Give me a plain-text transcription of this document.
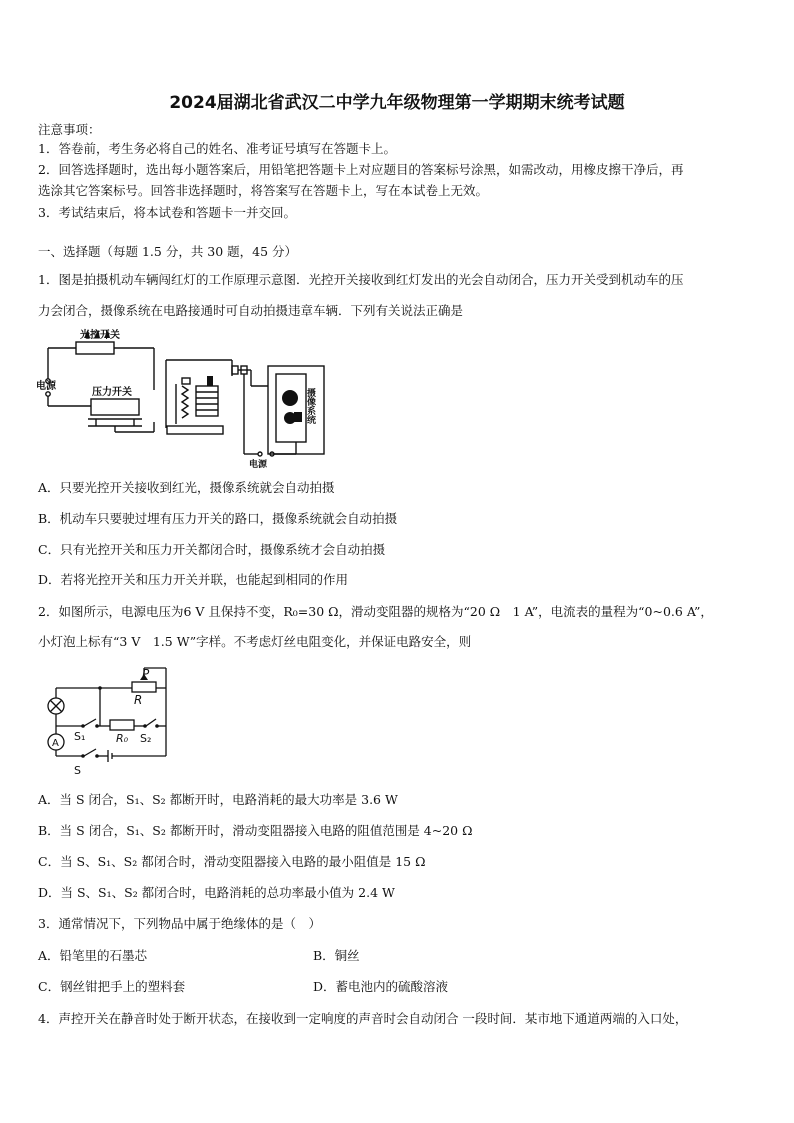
2024届湖北省武汉二中学九年级物理第一学期期末统考试题
注意事项：
1．答卷前，考生务必将自己的姓名、准考证号填写在答题卡上。
2．回答选择题时，选出每小题答案后，用铅笔把答题卡上对应题目的答案标号涂黑，如需改动，用橡皮擦干净后，再
选涂其它答案标号。回答非选择题时，将答案写在答题卡上，写在本试卷上无效。
3．考试结束后，将本试卷和答题卡一并交回。
一、选择题（每题 1.5 分，共 30 题，45 分）
1．图是拍摄机动车辆闯红灯的工作原理示意图．光控开关接收到红灯发出的光会自动闭合，压力开关受到机动车的压
力会闭合，摄像系统在电路接通时可自动拍摄违章车辆．下列有关说法正确是
光控开关
电源
压力开关
电源
摄像系统
A．只要光控开关接收到红光，摄像系统就会自动拍摄
B．机动车只要驶过埋有压力开关的路口，摄像系统就会自动拍摄
C．只有光控开关和压力开关都闭合时，摄像系统才会自动拍摄
D．若将光控开关和压力开关并联，也能起到相同的作用
2．如图所示，电源电压为6 V 且保持不变，R₀=30 Ω，滑动变阻器的规格为“20 Ω　1 A”，电流表的量程为“0~0.6 A”，
小灯泡上标有“3 V　1.5 W”字样。不考虑灯丝电阻变化，并保证电路安全，则
P
R
R₀
S₁	S₂
A
S
A．当 S 闭合，S₁、S₂ 都断开时，电路消耗的最大功率是 3.6 W
B．当 S 闭合，S₁、S₂ 都断开时，滑动变阻器接入电路的阻值范围是 4~20 Ω
C．当 S、S₁、S₂ 都闭合时，滑动变阻器接入电路的最小阻值是 15 Ω
D．当 S、S₁、S₂ 都闭合时，电路消耗的总功率最小值为 2.4 W
3．通常情况下，下列物品中属于绝缘体的是（　）
A．铅笔里的石墨芯	B．铜丝
C．钢丝钳把手上的塑料套	D．蓄电池内的硫酸溶液
4．声控开关在静音时处于断开状态，在接收到一定响度的声音时会自动闭合 一段时间．某市地下通道两端的入口处，
